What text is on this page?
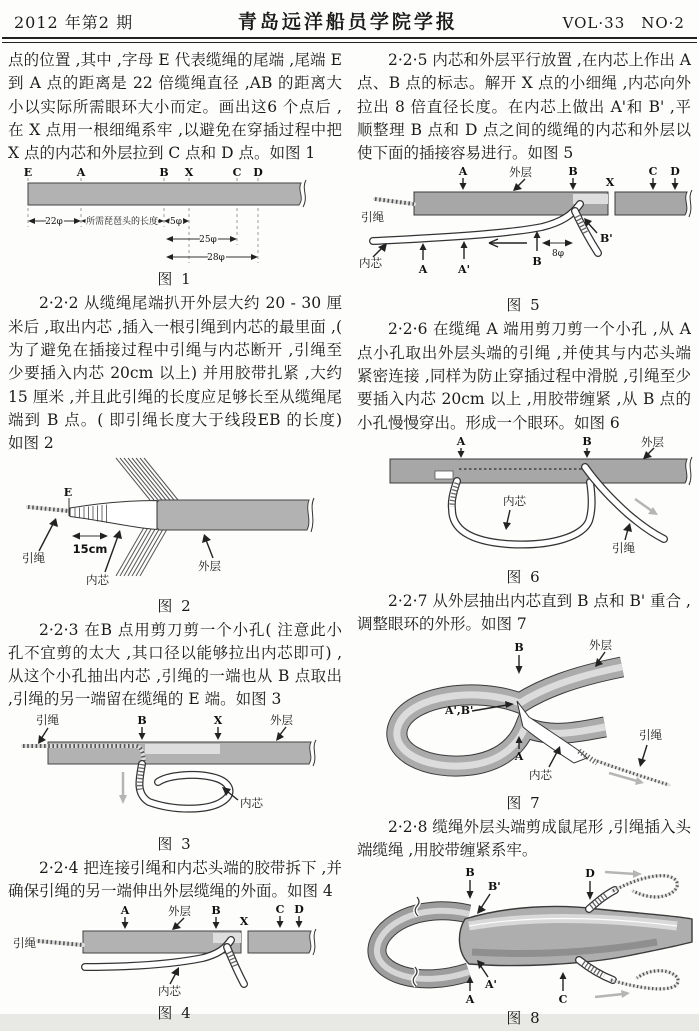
2012 年第2 期	青岛远洋船员学院学报	VOL·33　NO·2

点的位置 ,其中 ,字母 E 代表缆绳的尾端 ,尾端 E 到 A 点的距离是 22 倍缆绳直径 ,AB 的距离大小以实际所需眼环大小而定。画出这6 个点后 ,在 X 点用一根细绳系牢 ,以避免在穿插过程中把 X 点的内芯和外层拉到 C 点和 D 点。如图 1

E	A	B X	C D
22φ	所需琵琶头的长度 5φ
25φ
28φ
图 1

2·2·2 从缆绳尾端扒开外层大约 20 - 30 厘米后 ,取出内芯 ,插入一根引绳到内芯的最里面 ,( 为了避免在插接过程中引绳与内芯断开 ,引绳至少要插入内芯 20cm 以上) 并用胶带扎紧 ,大约 15 厘米 ,并且此引绳的长度应足够长至从缆绳尾端到 B 点。( 即引绳长度大于线段EB 的长度) 如图 2

E
15cm
引绳
内芯
外层
图 2

2·2·3 在B 点用剪刀剪一个小孔( 注意此小孔不宜剪的太大 ,其口径以能够拉出内芯即可) ,从这个小孔抽出内芯 ,引绳的一端也从 B 点取出 ,引绳的另一端留在缆绳的 E 端。如图 3

引绳	B	X	外层
内芯
图 3

2·2·4 把连接引绳和内芯头端的胶带拆下 ,并确保引绳的另一端伸出外层缆绳的外面。如图 4

A	外层 B
X
C D
引绳
内芯
图 4

2·2·5 内芯和外层平行放置 ,在内芯上作出 A 点、B 点的标志。解开 X 点的小细绳 ,内芯向外拉出 8 倍直径长度。在内芯上做出 A'和 B' ,平顺整理 B 点和 D 点之间的缆绳的内芯和外层以使下面的插接容易进行。如图 5

A	外层	B
X
C D
引绳
A	A'
B
8φ
B'
内芯
图 5

2·2·6 在缆绳 A 端用剪刀剪一个小孔 ,从 A 点小孔取出外层头端的引绳 ,并使其与内芯头端紧密连接 ,同样为防止穿插过程中滑脱 ,引绳至少要插入内芯 20cm 以上 ,用胶带缠紧 ,从 B 点的小孔慢慢穿出。形成一个眼环。如图 6

A	B	外层
内芯
引绳
图 6

2·2·7 从外层抽出内芯直到 B 点和 B' 重合 ,调整眼环的外形。如图 7

B	外层
A',B'
A
内芯
引绳
图 7

2·2·8 缆绳外层头端剪成鼠尾形 ,引绳插入头端缆绳 ,用胶带缠紧系牢。

B
B'
D
A
A'
C
图 8
